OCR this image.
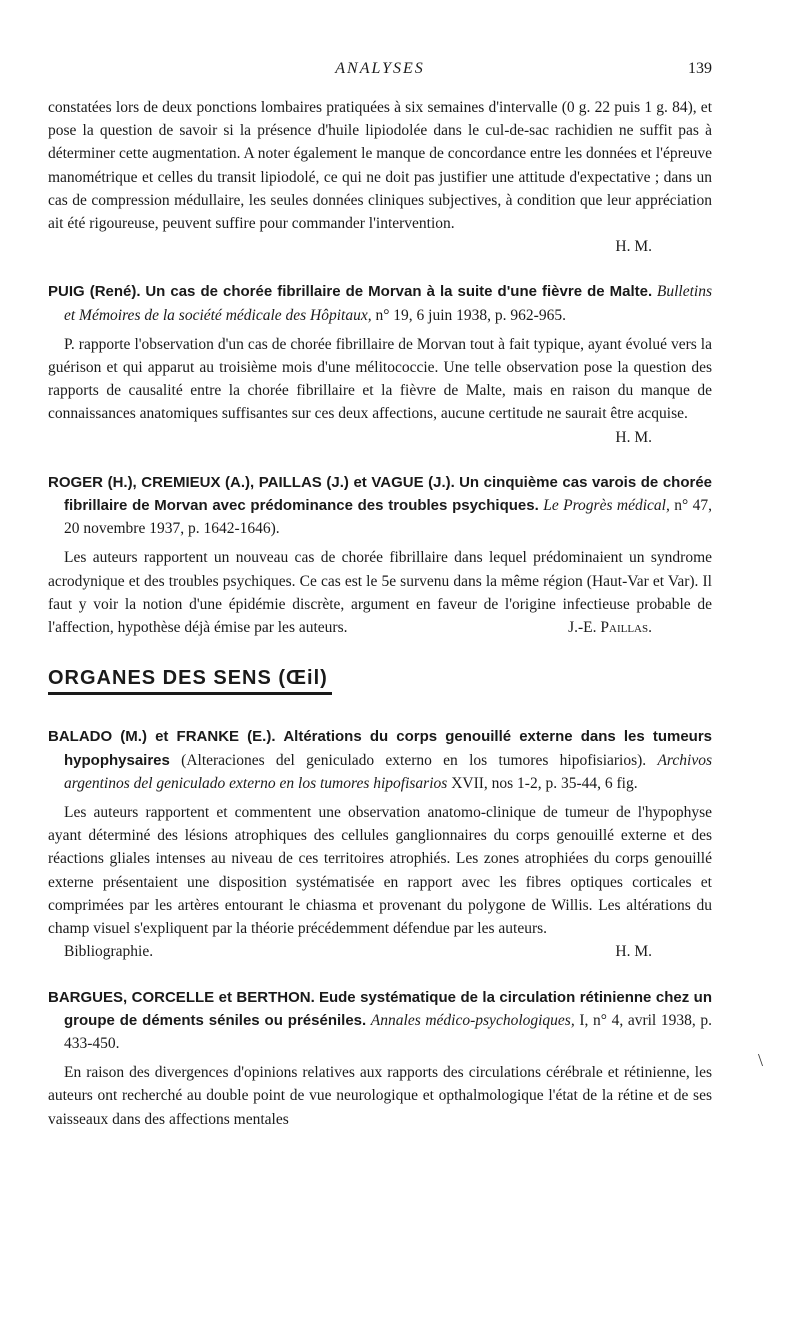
ANALYSES	139

constatées lors de deux ponctions lombaires pratiquées à six semaines d'intervalle (0 g. 22 puis 1 g. 84), et pose la question de savoir si la présence d'huile lipiodolée dans le cul-de-sac rachidien ne suffit pas à déterminer cette augmentation. A noter également le manque de concordance entre les données et l'épreuve manométrique et celles du transit lipiodolé, ce qui ne doit pas justifier une attitude d'expectative ; dans un cas de compression médullaire, les seules données cliniques subjectives, à condition que leur appréciation ait été rigoureuse, peuvent suffire pour commander l'intervention.

H. M.

PUIG (René). Un cas de chorée fibrillaire de Morvan à la suite d'une fièvre de Malte. Bulletins et Mémoires de la société médicale des Hôpitaux, n° 19, 6 juin 1938, p. 962-965.

P. rapporte l'observation d'un cas de chorée fibrillaire de Morvan tout à fait typique, ayant évolué vers la guérison et qui apparut au troisième mois d'une mélitococcie. Une telle observation pose la question des rapports de causalité entre la chorée fibrillaire et la fièvre de Malte, mais en raison du manque de connaissances anatomiques suffisantes sur ces deux affections, aucune certitude ne saurait être acquise.

H. M.

ROGER (H.), CREMIEUX (A.), PAILLAS (J.) et VAGUE (J.). Un cinquième cas varois de chorée fibrillaire de Morvan avec prédominance des troubles psychiques. Le Progrès médical, n° 47, 20 novembre 1937, p. 1642-1646).

Les auteurs rapportent un nouveau cas de chorée fibrillaire dans lequel prédominaient un syndrome acrodynique et des troubles psychiques. Ce cas est le 5e survenu dans la même région (Haut-Var et Var). Il faut y voir la notion d'une épidémie discrète, argument en faveur de l'origine infectieuse probable de l'affection, hypothèse déjà émise par les auteurs.	J.-E. Paillas.

ORGANES DES SENS (Œil)

BALADO (M.) et FRANKE (E.). Altérations du corps genouillé externe dans les tumeurs hypophysaires (Alteraciones del geniculado externo en los tumores hipofisiarios). Archivos argentinos del geniculado externo en los tumores hipofisarios XVII, nos 1-2, p. 35-44, 6 fig.

Les auteurs rapportent et commentent une observation anatomo-clinique de tumeur de l'hypophyse ayant déterminé des lésions atrophiques des cellules ganglionnaires du corps genouillé externe et des réactions gliales intenses au niveau de ces territoires atrophiés. Les zones atrophiées du corps genouillé externe présentaient une disposition systématisée en rapport avec les fibres optiques corticales et comprimées par les artères entourant le chiasma et provenant du polygone de Willis. Les altérations du champ visuel s'expliquent par la théorie précédemment défendue par les auteurs.

Bibliographie.	H. M.

BARGUES, CORCELLE et BERTHON. Eude systématique de la circulation rétinienne chez un groupe de déments séniles ou préséniles. Annales médico-psychologiques, I, n° 4, avril 1938, p. 433-450.

En raison des divergences d'opinions relatives aux rapports des circulations cérébrale et rétinienne, les auteurs ont recherché au double point de vue neurologique et opthalmologique l'état de la rétine et de ses vaisseaux dans des affections mentales

\
